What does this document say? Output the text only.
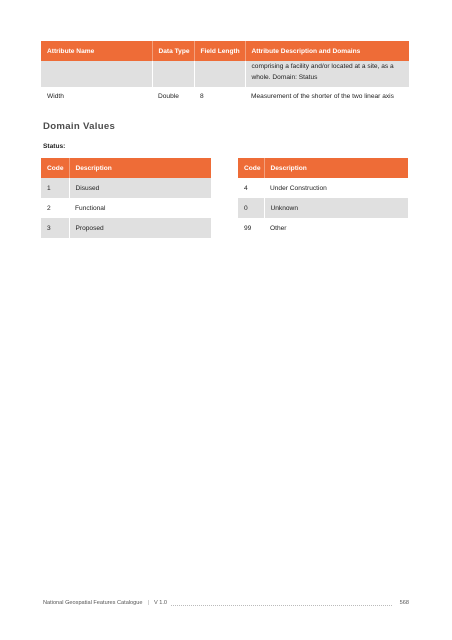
Attribute Name	Data Type	Field Length	Attribute Description and Domains
			comprising a facility and/or located at a site, as a whole. Domain: Status
Width	Double	8	Measurement of the shorter of the two linear axis
Domain Values

Status:

Code	Description
1	Disused
2	Functional
3	Proposed
Code	Description
4	Under Construction
0	Unknown
99	Other
National Geospatial Features Catalogue | V 1.0	568
